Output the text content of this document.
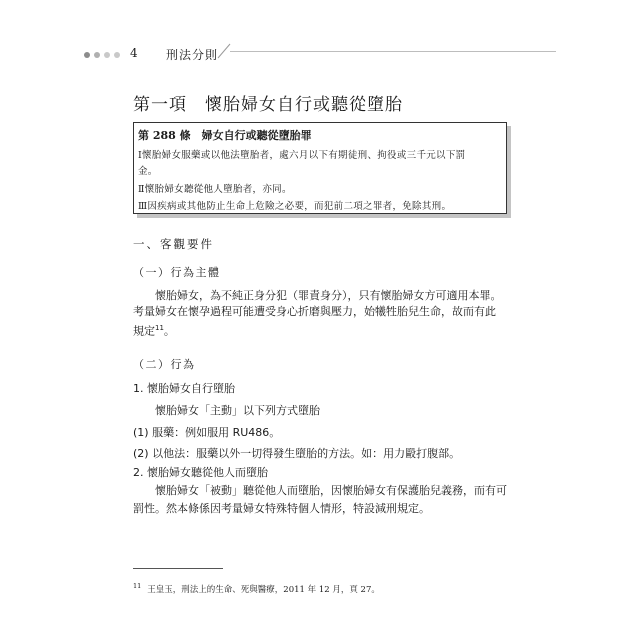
4 刑法分則
第一項　懷胎婦女自行或聽從墮胎
第 288 條　婦女自行或聽從墮胎罪
Ⅰ懷胎婦女服藥或以他法墮胎者，處六月以下有期徒刑、拘役或三千元以下罰
金。
Ⅱ懷胎婦女聽從他人墮胎者，亦同。
Ⅲ因疾病或其他防止生命上危險之必要，而犯前二項之罪者，免除其刑。
一、客觀要件
（一）行為主體
懷胎婦女，為不純正身分犯（罪責身分），只有懷胎婦女方可適用本罪。
考量婦女在懷孕過程可能遭受身心折磨與壓力，始犧牲胎兒生命，故而有此
規定$^{11}$。
（二）行為
1. 懷胎婦女自行墮胎
懷胎婦女「主動」以下列方式墮胎
(1) 服藥：例如服用 RU486。
(2) 以他法：服藥以外一切得發生墮胎的方法。如：用力毆打腹部。
2. 懷胎婦女聽從他人而墮胎
懷胎婦女「被動」聽從他人而墮胎，因懷胎婦女有保護胎兒義務，而有可
罰性。然本條係因考量婦女特殊特個人情形，特設減刑規定。
$^{11}$ 王皇玉，刑法上的生命、死與醫療，2011 年 12 月，頁 27。
